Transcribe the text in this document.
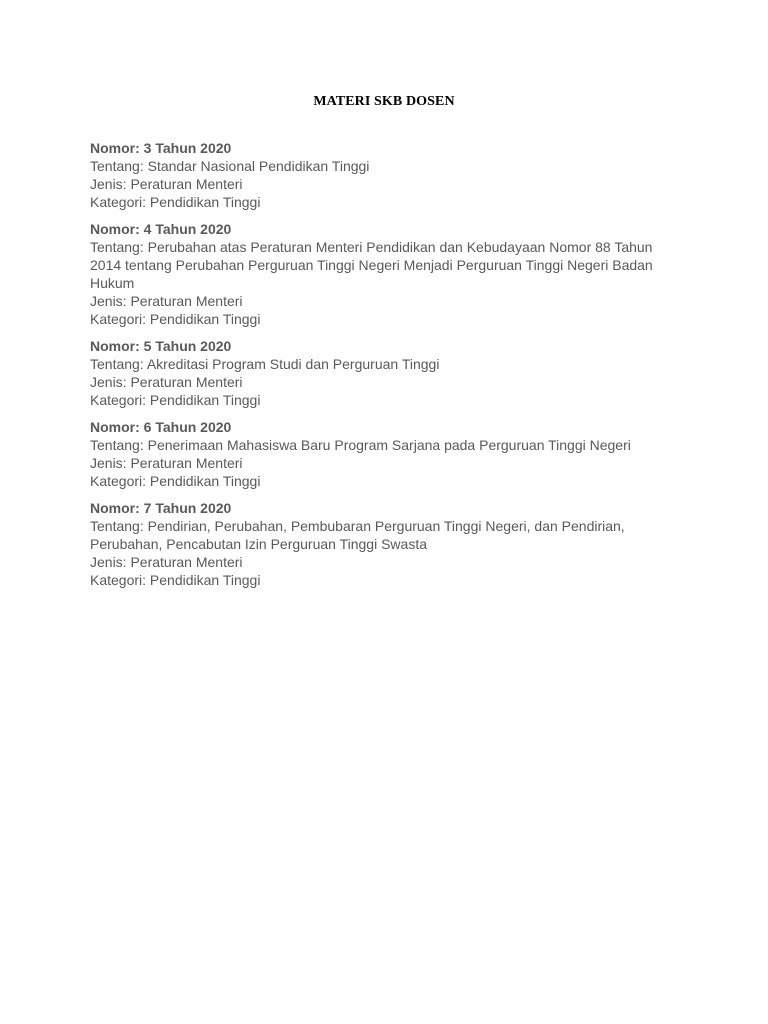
MATERI SKB DOSEN
Nomor: 3 Tahun 2020
Tentang: Standar Nasional Pendidikan Tinggi
Jenis: Peraturan Menteri
Kategori: Pendidikan Tinggi
Nomor: 4 Tahun 2020
Tentang: Perubahan atas Peraturan Menteri Pendidikan dan Kebudayaan Nomor 88 Tahun 2014 tentang Perubahan Perguruan Tinggi Negeri Menjadi Perguruan Tinggi Negeri Badan Hukum
Jenis: Peraturan Menteri
Kategori: Pendidikan Tinggi
Nomor: 5 Tahun 2020
Tentang: Akreditasi Program Studi dan Perguruan Tinggi
Jenis: Peraturan Menteri
Kategori: Pendidikan Tinggi
Nomor: 6 Tahun 2020
Tentang: Penerimaan Mahasiswa Baru Program Sarjana pada Perguruan Tinggi Negeri
Jenis: Peraturan Menteri
Kategori: Pendidikan Tinggi
Nomor: 7 Tahun 2020
Tentang: Pendirian, Perubahan, Pembubaran Perguruan Tinggi Negeri, dan Pendirian, Perubahan, Pencabutan Izin Perguruan Tinggi Swasta
Jenis: Peraturan Menteri
Kategori: Pendidikan Tinggi
